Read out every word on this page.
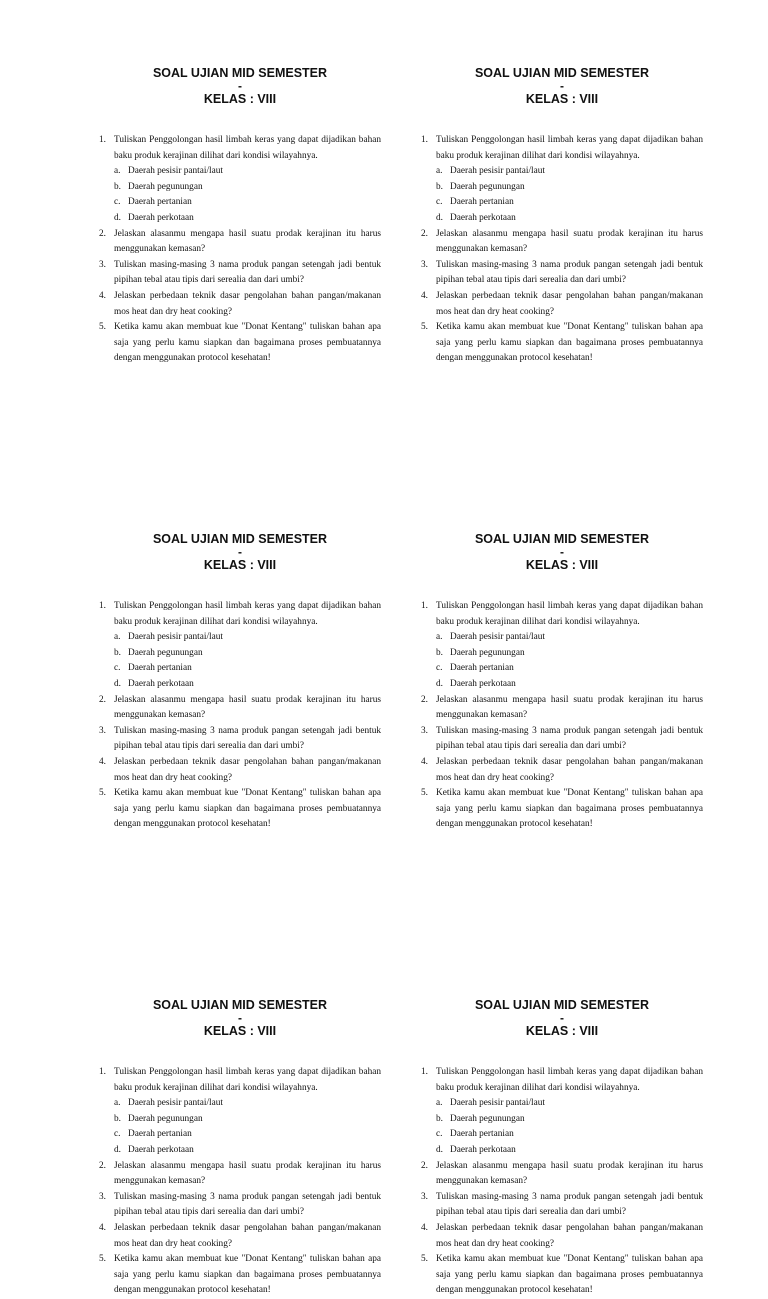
SOAL UJIAN MID SEMESTER
-
KELAS : VIII
1. Tuliskan Penggolongan hasil limbah keras yang dapat dijadikan bahan baku produk kerajinan dilihat dari kondisi wilayahnya.
a. Daerah pesisir pantai/laut
b. Daerah pegunungan
c. Daerah pertanian
d. Daerah perkotaan
2. Jelaskan alasanmu mengapa hasil suatu prodak kerajinan itu harus menggunakan kemasan?
3. Tuliskan masing-masing 3 nama produk pangan setengah jadi bentuk pipihan tebal atau tipis dari serealia dan dari umbi?
4. Jelaskan perbedaan teknik dasar pengolahan bahan pangan/makanan mos heat dan dry heat cooking?
5. Ketika kamu akan membuat kue "Donat Kentang" tuliskan bahan apa saja yang perlu kamu siapkan dan bagaimana proses pembuatannya dengan menggunakan protocol kesehatan!
SOAL UJIAN MID SEMESTER
-
KELAS : VIII
1. Tuliskan Penggolongan hasil limbah keras yang dapat dijadikan bahan baku produk kerajinan dilihat dari kondisi wilayahnya.
a. Daerah pesisir pantai/laut
b. Daerah pegunungan
c. Daerah pertanian
d. Daerah perkotaan
2. Jelaskan alasanmu mengapa hasil suatu prodak kerajinan itu harus menggunakan kemasan?
3. Tuliskan masing-masing 3 nama produk pangan setengah jadi bentuk pipihan tebal atau tipis dari serealia dan dari umbi?
4. Jelaskan perbedaan teknik dasar pengolahan bahan pangan/makanan mos heat dan dry heat cooking?
5. Ketika kamu akan membuat kue "Donat Kentang" tuliskan bahan apa saja yang perlu kamu siapkan dan bagaimana proses pembuatannya dengan menggunakan protocol kesehatan!
SOAL UJIAN MID SEMESTER
-
KELAS : VIII
1. Tuliskan Penggolongan hasil limbah keras yang dapat dijadikan bahan baku produk kerajinan dilihat dari kondisi wilayahnya.
a. Daerah pesisir pantai/laut
b. Daerah pegunungan
c. Daerah pertanian
d. Daerah perkotaan
2. Jelaskan alasanmu mengapa hasil suatu prodak kerajinan itu harus menggunakan kemasan?
3. Tuliskan masing-masing 3 nama produk pangan setengah jadi bentuk pipihan tebal atau tipis dari serealia dan dari umbi?
4. Jelaskan perbedaan teknik dasar pengolahan bahan pangan/makanan mos heat dan dry heat cooking?
5. Ketika kamu akan membuat kue "Donat Kentang" tuliskan bahan apa saja yang perlu kamu siapkan dan bagaimana proses pembuatannya dengan menggunakan protocol kesehatan!
SOAL UJIAN MID SEMESTER
-
KELAS : VIII
1. Tuliskan Penggolongan hasil limbah keras yang dapat dijadikan bahan baku produk kerajinan dilihat dari kondisi wilayahnya.
a. Daerah pesisir pantai/laut
b. Daerah pegunungan
c. Daerah pertanian
d. Daerah perkotaan
2. Jelaskan alasanmu mengapa hasil suatu prodak kerajinan itu harus menggunakan kemasan?
3. Tuliskan masing-masing 3 nama produk pangan setengah jadi bentuk pipihan tebal atau tipis dari serealia dan dari umbi?
4. Jelaskan perbedaan teknik dasar pengolahan bahan pangan/makanan mos heat dan dry heat cooking?
5. Ketika kamu akan membuat kue "Donat Kentang" tuliskan bahan apa saja yang perlu kamu siapkan dan bagaimana proses pembuatannya dengan menggunakan protocol kesehatan!
SOAL UJIAN MID SEMESTER
-
KELAS : VIII
1. Tuliskan Penggolongan hasil limbah keras yang dapat dijadikan bahan baku produk kerajinan dilihat dari kondisi wilayahnya.
a. Daerah pesisir pantai/laut
b. Daerah pegunungan
c. Daerah pertanian
d. Daerah perkotaan
2. Jelaskan alasanmu mengapa hasil suatu prodak kerajinan itu harus menggunakan kemasan?
3. Tuliskan masing-masing 3 nama produk pangan setengah jadi bentuk pipihan tebal atau tipis dari serealia dan dari umbi?
4. Jelaskan perbedaan teknik dasar pengolahan bahan pangan/makanan mos heat dan dry heat cooking?
5. Ketika kamu akan membuat kue "Donat Kentang" tuliskan bahan apa saja yang perlu kamu siapkan dan bagaimana proses pembuatannya dengan menggunakan protocol kesehatan!
SOAL UJIAN MID SEMESTER
-
KELAS : VIII
1. Tuliskan Penggolongan hasil limbah keras yang dapat dijadikan bahan baku produk kerajinan dilihat dari kondisi wilayahnya.
a. Daerah pesisir pantai/laut
b. Daerah pegunungan
c. Daerah pertanian
d. Daerah perkotaan
2. Jelaskan alasanmu mengapa hasil suatu prodak kerajinan itu harus menggunakan kemasan?
3. Tuliskan masing-masing 3 nama produk pangan setengah jadi bentuk pipihan tebal atau tipis dari serealia dan dari umbi?
4. Jelaskan perbedaan teknik dasar pengolahan bahan pangan/makanan mos heat dan dry heat cooking?
5. Ketika kamu akan membuat kue "Donat Kentang" tuliskan bahan apa saja yang perlu kamu siapkan dan bagaimana proses pembuatannya dengan menggunakan protocol kesehatan!
